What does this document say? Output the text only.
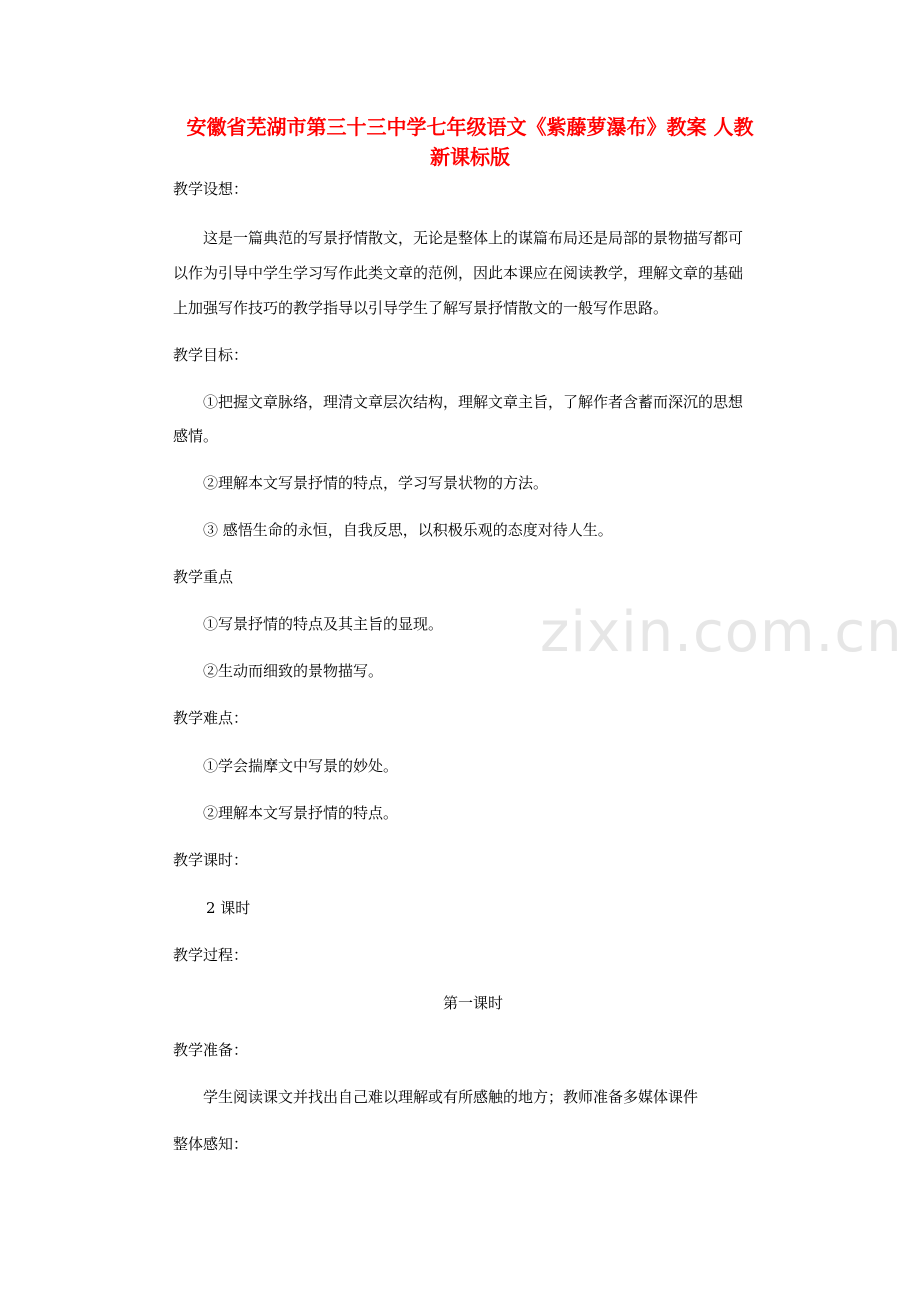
安徽省芜湖市第三十三中学七年级语文《紫藤萝瀑布》教案 人教
新课标版
zixin.com.cn
教学设想：
这是一篇典范的写景抒情散文，无论是整体上的谋篇布局还是局部的景物描写都可
以作为引导中学生学习写作此类文章的范例，因此本课应在阅读教学，理解文章的基础
上加强写作技巧的教学指导以引导学生了解写景抒情散文的一般写作思路。
教学目标：
①把握文章脉络，理清文章层次结构，理解文章主旨，了解作者含蓄而深沉的思想
感情。
②理解本文写景抒情的特点，学习写景状物的方法。
③ 感悟生命的永恒，自我反思，以积极乐观的态度对待人生。
教学重点
①写景抒情的特点及其主旨的显现。
②生动而细致的景物描写。
教学难点：
①学会揣摩文中写景的妙处。
②理解本文写景抒情的特点。
教学课时：
2 课时
教学过程：
第一课时
教学准备：
学生阅读课文并找出自己难以理解或有所感触的地方；教师准备多媒体课件
整体感知：
